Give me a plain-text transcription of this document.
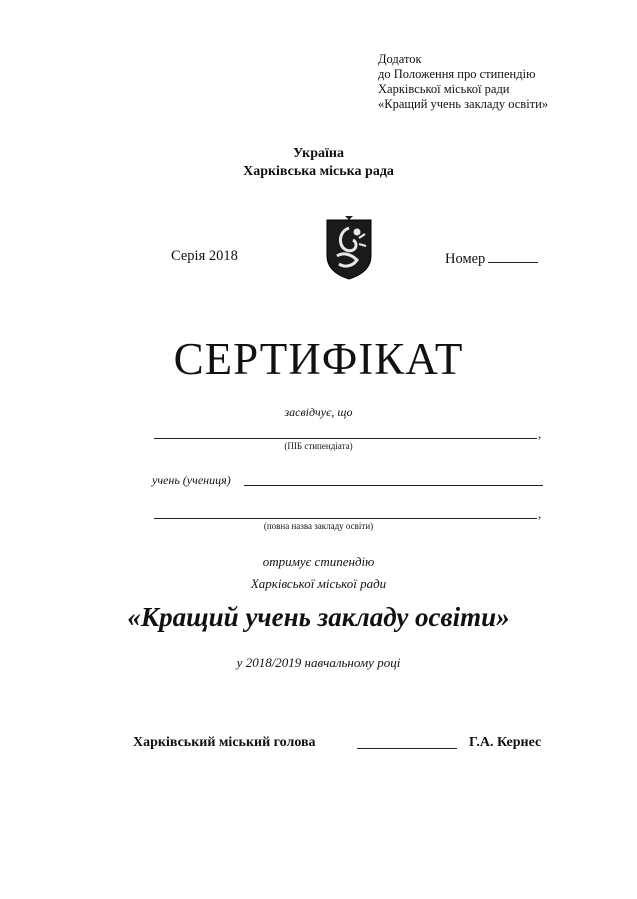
Додаток
до Положення про стипендію
Харківської міської ради
«Кращий учень закладу освіти»
Україна
Харківська міська рада
Серія 2018	Номер
СЕРТИФІКАТ
засвідчує, що
,
(ПІБ стипендіата)
учень (учениця)
,
(повна назва закладу освіти)
отримує стипендію
Харківської міської ради
«Кращий учень закладу освіти»
у 2018/2019 навчальному році
Харківський міський голова	Г.А. Кернес
